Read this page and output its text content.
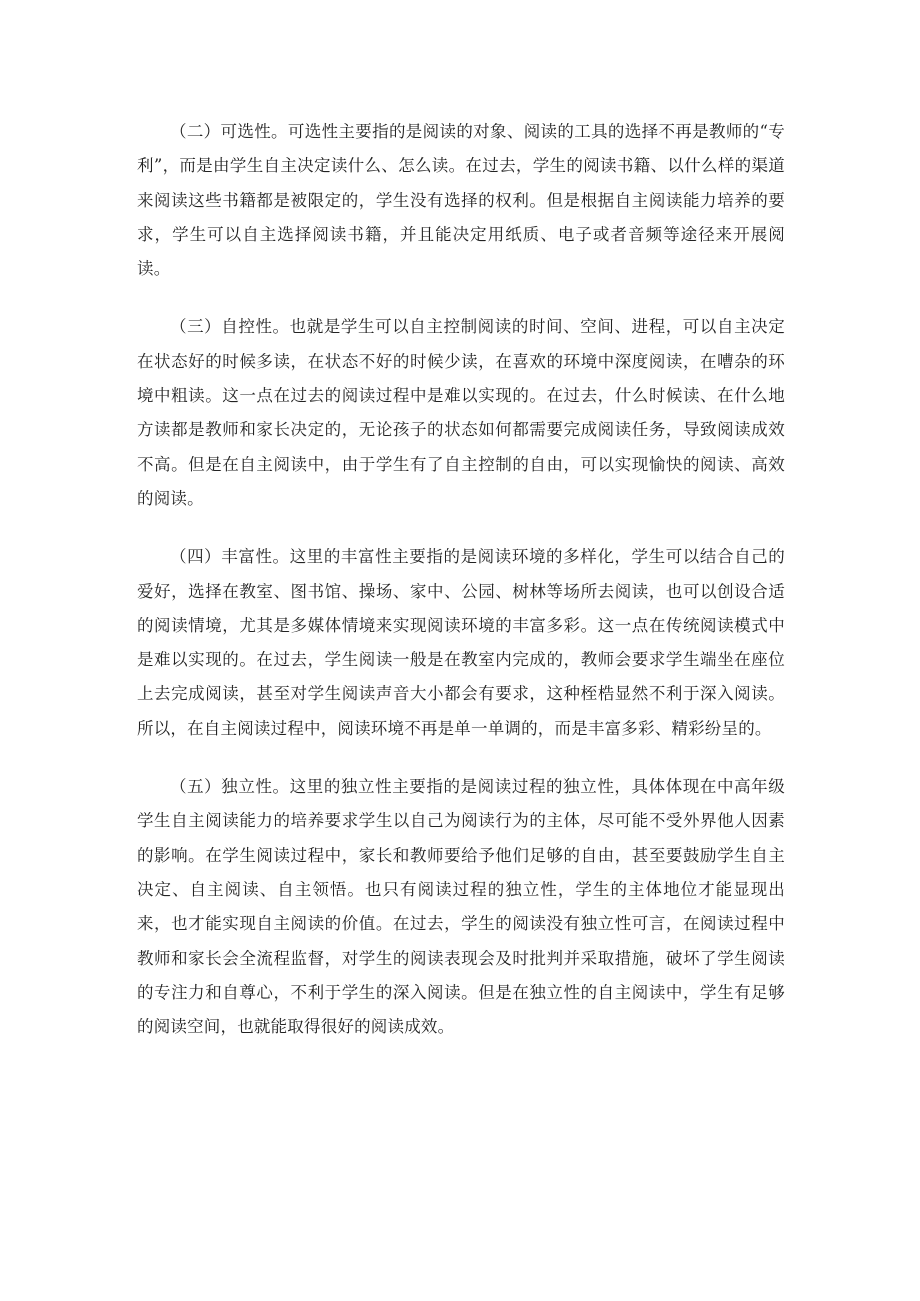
（二）可选性。可选性主要指的是阅读的对象、阅读的工具的选择不再是教师的“专利”，而是由学生自主决定读什么、怎么读。在过去，学生的阅读书籍、以什么样的渠道来阅读这些书籍都是被限定的，学生没有选择的权利。但是根据自主阅读能力培养的要求，学生可以自主选择阅读书籍，并且能决定用纸质、电子或者音频等途径来开展阅读。

（三）自控性。也就是学生可以自主控制阅读的时间、空间、进程，可以自主决定在状态好的时候多读，在状态不好的时候少读，在喜欢的环境中深度阅读，在嘈杂的环境中粗读。这一点在过去的阅读过程中是难以实现的。在过去，什么时候读、在什么地方读都是教师和家长决定的，无论孩子的状态如何都需要完成阅读任务，导致阅读成效不高。但是在自主阅读中，由于学生有了自主控制的自由，可以实现愉快的阅读、高效的阅读。

（四）丰富性。这里的丰富性主要指的是阅读环境的多样化，学生可以结合自己的爱好，选择在教室、图书馆、操场、家中、公园、树林等场所去阅读，也可以创设合适的阅读情境，尤其是多媒体情境来实现阅读环境的丰富多彩。这一点在传统阅读模式中是难以实现的。在过去，学生阅读一般是在教室内完成的，教师会要求学生端坐在座位上去完成阅读，甚至对学生阅读声音大小都会有要求，这种桎梏显然不利于深入阅读。所以，在自主阅读过程中，阅读环境不再是单一单调的，而是丰富多彩、精彩纷呈的。

（五）独立性。这里的独立性主要指的是阅读过程的独立性，具体体现在中高年级学生自主阅读能力的培养要求学生以自己为阅读行为的主体，尽可能不受外界他人因素的影响。在学生阅读过程中，家长和教师要给予他们足够的自由，甚至要鼓励学生自主决定、自主阅读、自主领悟。也只有阅读过程的独立性，学生的主体地位才能显现出来，也才能实现自主阅读的价值。在过去，学生的阅读没有独立性可言，在阅读过程中教师和家长会全流程监督，对学生的阅读表现会及时批判并采取措施，破坏了学生阅读的专注力和自尊心，不利于学生的深入阅读。但是在独立性的自主阅读中，学生有足够的阅读空间，也就能取得很好的阅读成效。
